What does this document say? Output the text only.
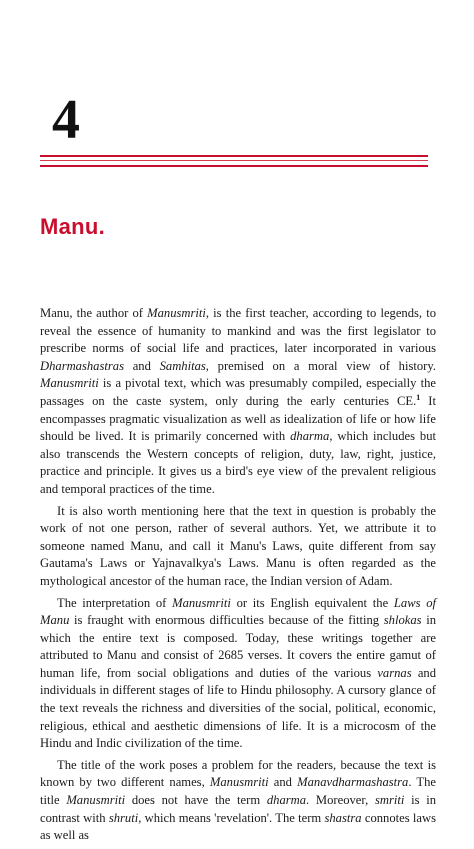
4
Manu.

Manu, the author of Manusmriti, is the first teacher, according to legends, to reveal the essence of humanity to mankind and was the first legislator to prescribe norms of social life and practices, later incorporated in various Dharmashastras and Samhitas, premised on a moral view of history. Manusmriti is a pivotal text, which was presumably compiled, especially the passages on the caste system, only during the early centuries CE.$^1$ It encompasses pragmatic visualization as well as idealization of life or how life should be lived. It is primarily concerned with dharma, which includes but also transcends the Western concepts of religion, duty, law, right, justice, practice and principle. It gives us a bird's eye view of the prevalent religious and temporal practices of the time.

It is also worth mentioning here that the text in question is probably the work of not one person, rather of several authors. Yet, we attribute it to someone named Manu, and call it Manu's Laws, quite different from say Gautama's Laws or Yajnavalkya's Laws. Manu is often regarded as the mythological ancestor of the human race, the Indian version of Adam.

The interpretation of Manusmriti or its English equivalent the Laws of Manu is fraught with enormous difficulties because of the fitting shlokas in which the entire text is composed. Today, these writings together are attributed to Manu and consist of 2685 verses. It covers the entire gamut of human life, from social obligations and duties of the various varnas and individuals in different stages of life to Hindu philosophy. A cursory glance of the text reveals the richness and diversities of the social, political, economic, religious, ethical and aesthetic dimensions of life. It is a microcosm of the Hindu and Indic civilization of the time.

The title of the work poses a problem for the readers, because the text is known by two different names, Manusmriti and Manavdharmashastra. The title Manusmriti does not have the term dharma. Moreover, smriti is in contrast with shruti, which means 'revelation'. The term shastra connotes laws as well as
